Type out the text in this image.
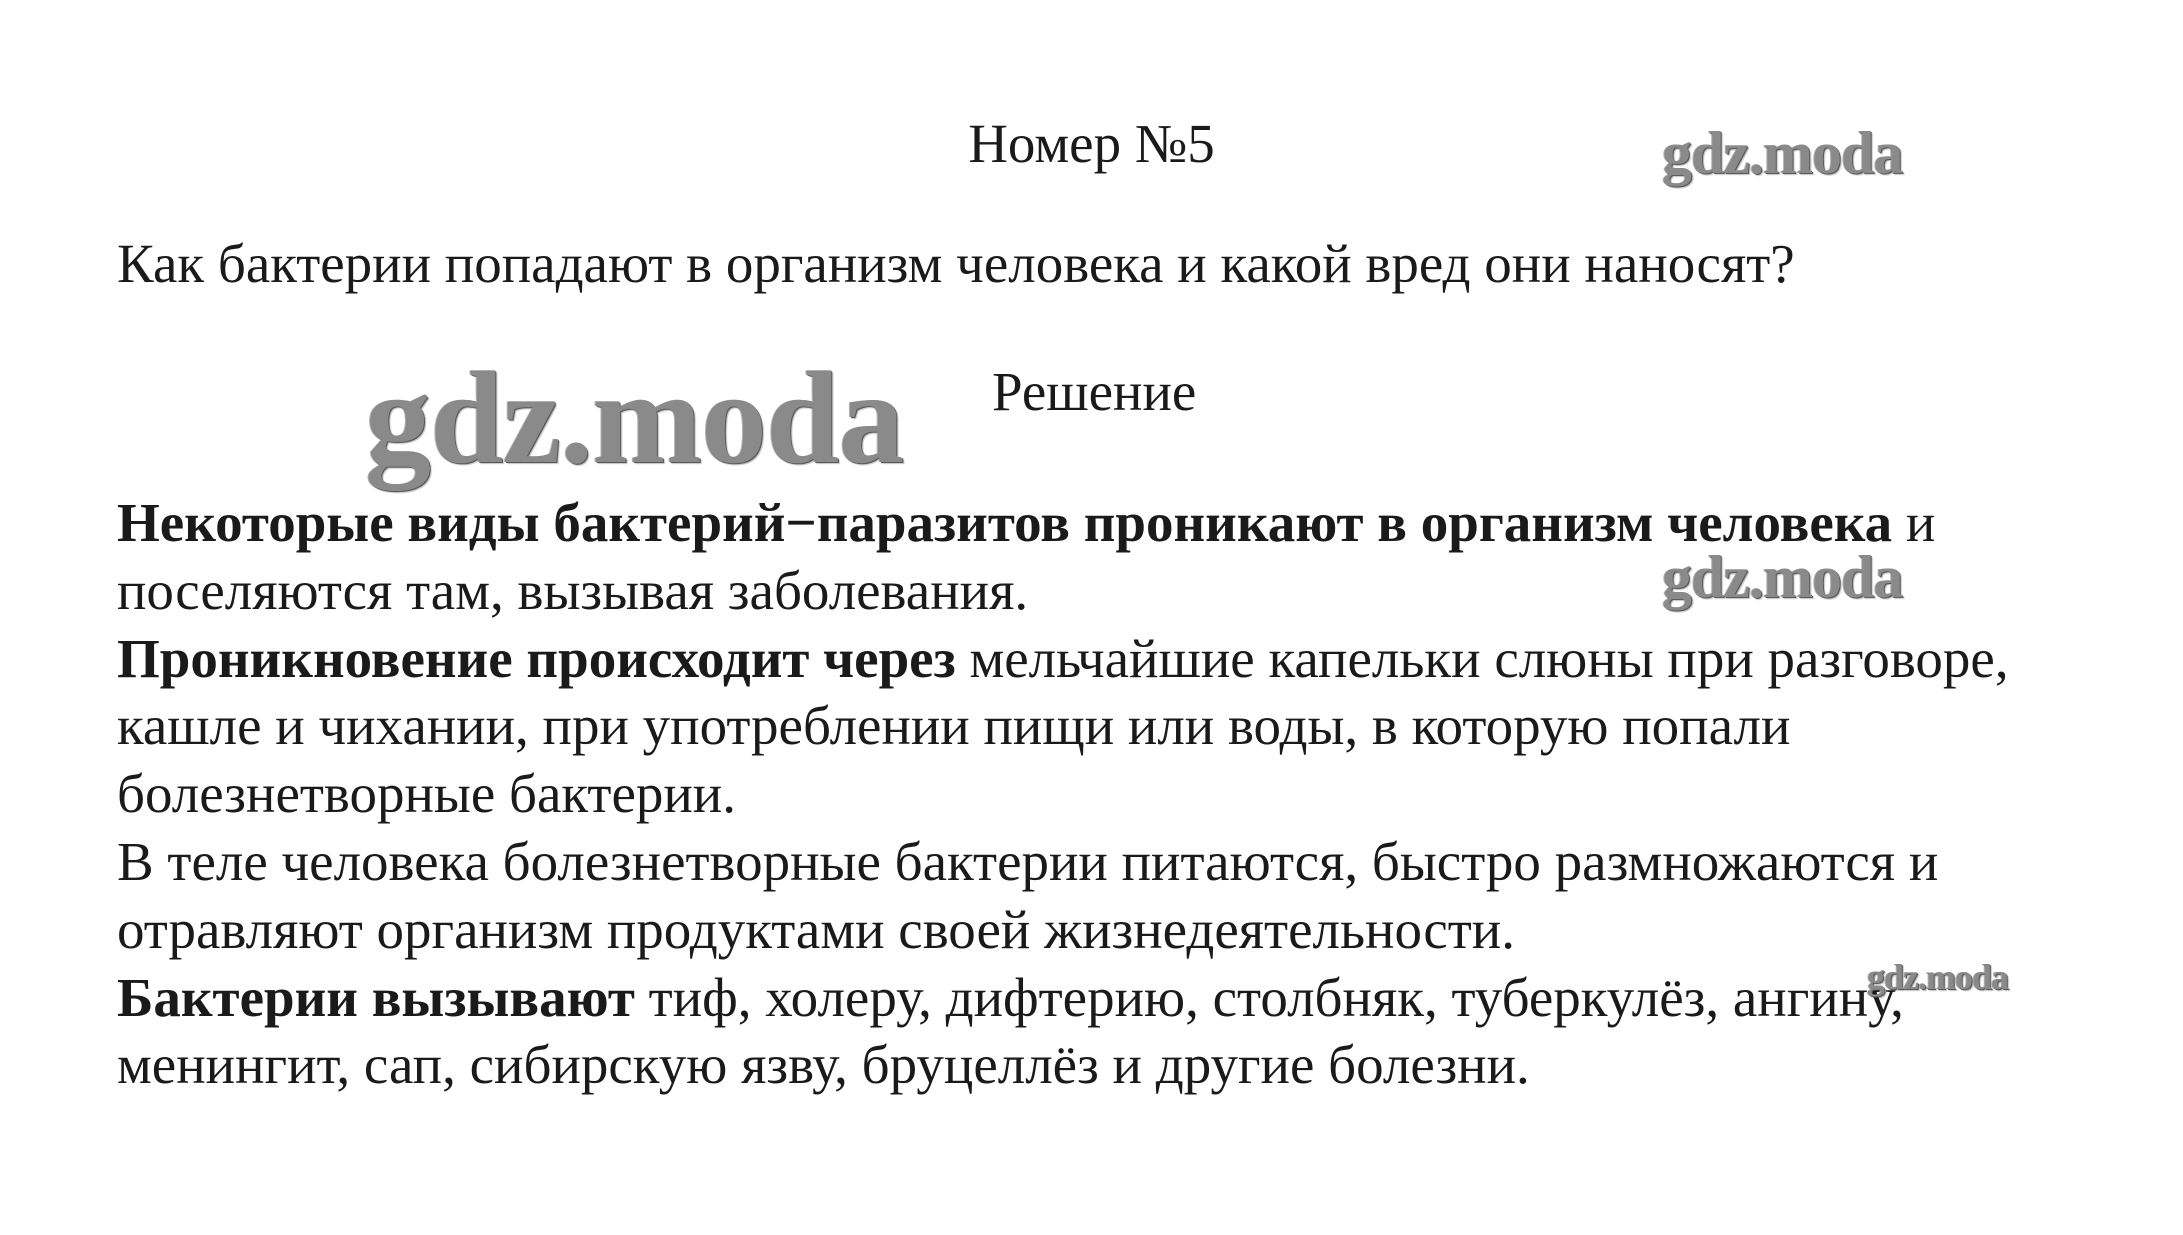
Номер №5
Как бактерии попадают в организм человека и какой вред они наносят?
Решение

Некоторые виды бактерий−паразитов проникают в организм человека и поселяются там, вызывая заболевания.

Проникновение происходит через мельчайшие капельки слюны при разговоре, кашле и чихании, при употреблении пищи или воды, в которую попали болезнетворные бактерии.

В теле человека болезнетворные бактерии питаются, быстро размножаются и отравляют организм продуктами своей жизнедеятельности.

Бактерии вызывают тиф, холеру, дифтерию, столбняк, туберкулёз, ангину, менингит, сап, сибирскую язву, бруцеллёз и другие болезни.

gdz.moda
gdz.moda
gdz.moda
gdz.moda
